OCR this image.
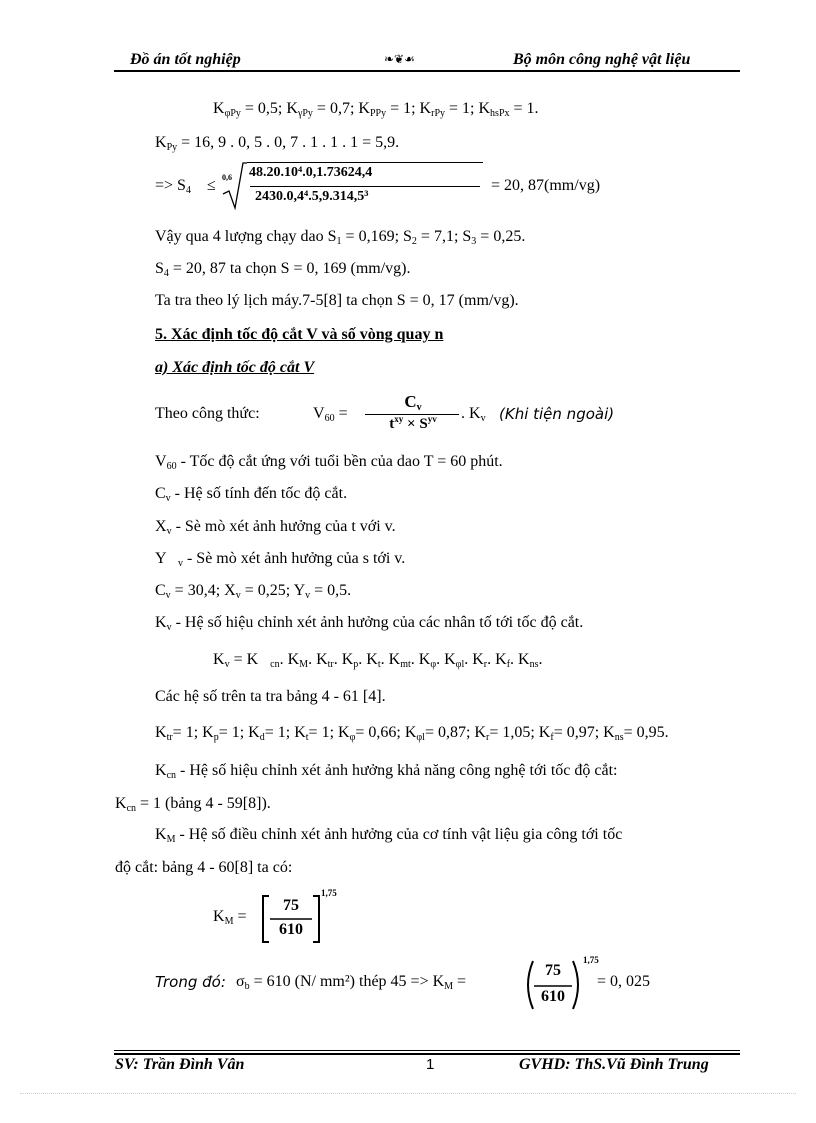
Đồ án tốt nghiệp	❧❦☙	Bộ môn công nghệ vật liệu
$K_{\varphi Py} = 0,5$; $K_{\gamma Py} = 0,7$; $K_{PPy} = 1$; $K_{rPy} = 1$; $K_{hsPx} = 1$.
$K_{Py} = 16$, 9 . 0, 5 . 0, 7 . 1 . 1 . 1 = 5,9.
=> $S_4 \le 0,6$ 48.20.10⁴.0,1.73624,4
2430.0,4⁴.5,9.314,5³
= 20, 87(mm/vg)
Vậy qua 4 lượng chạy dao $S_1 = 0,169$; $S_2 = 7,1$; $S_3 = 0,25$.
$S_4 = 20$, 87 ta chọn S = 0, 169 (mm/vg).
Ta tra theo lý lịch máy.7-5[8] ta chọn S = 0, 17 (mm/vg).
5. Xác định tốc độ cắt V và số vòng quay n
a) Xác định tốc độ cắt V
Theo công thức:	$V_{60}$ =
$C_v$
$t^{xy} \times S^{yv}$	. $K_v$ (Khi tiện ngoài)
$V_{60}$ - Tốc độ cắt ứng với tuổi bền của dao T = 60 phút.
$C_v$ - Hệ số tính đến tốc độ cắt.
$X_v$ - Sè mò xét ảnh hưởng của t với v.
Y   $_v$ - Sè mò xét ảnh hưởng của s tới v.
$C_v = 30,4$; $X_v = 0,25$; $Y_v = 0,5$.
$K_v$ - Hệ số hiệu chỉnh xét ảnh hưởng của các nhân tố tới tốc độ cắt.
$K_v = K$   $_{cn}$. $K_M$. $K_{tr}$. $K_p$. $K_t$. $K_{mt}$. $K_\varphi$. $K_{\varphi l}$. $K_r$. $K_f$. $K_{ns}$.
Các hệ số trên ta tra bảng 4 - 61 [4].
$K_{tr}= 1$; $K_p= 1$; $K_d= 1$; $K_t= 1$; $K_\varphi= 0,66$; $K_{\varphi l}= 0,87$; $K_r= 1,05$; $K_f= 0,97$; $K_{ns}= 0,95$.
$K_{cn}$ - Hệ số hiệu chỉnh xét ảnh hưởng khả năng công nghệ tới tốc độ cắt:
$K_{cn} = 1$ (bảng 4 - 59[8]).
$K_M$ - Hệ số điều chỉnh xét ảnh hưởng của cơ tính vật liệu gia công tới tốc
độ cắt: bảng 4 - 60[8] ta có:
$K_M$ =
75
610
1,75
Trong đó: $\sigma_b = 610$ (N/ mm²) thép $45 => K_M$ =
75
610
1,75
= 0, 025
SV: Trần Đình Vân	1	GVHD: ThS.Vũ Đình Trung
